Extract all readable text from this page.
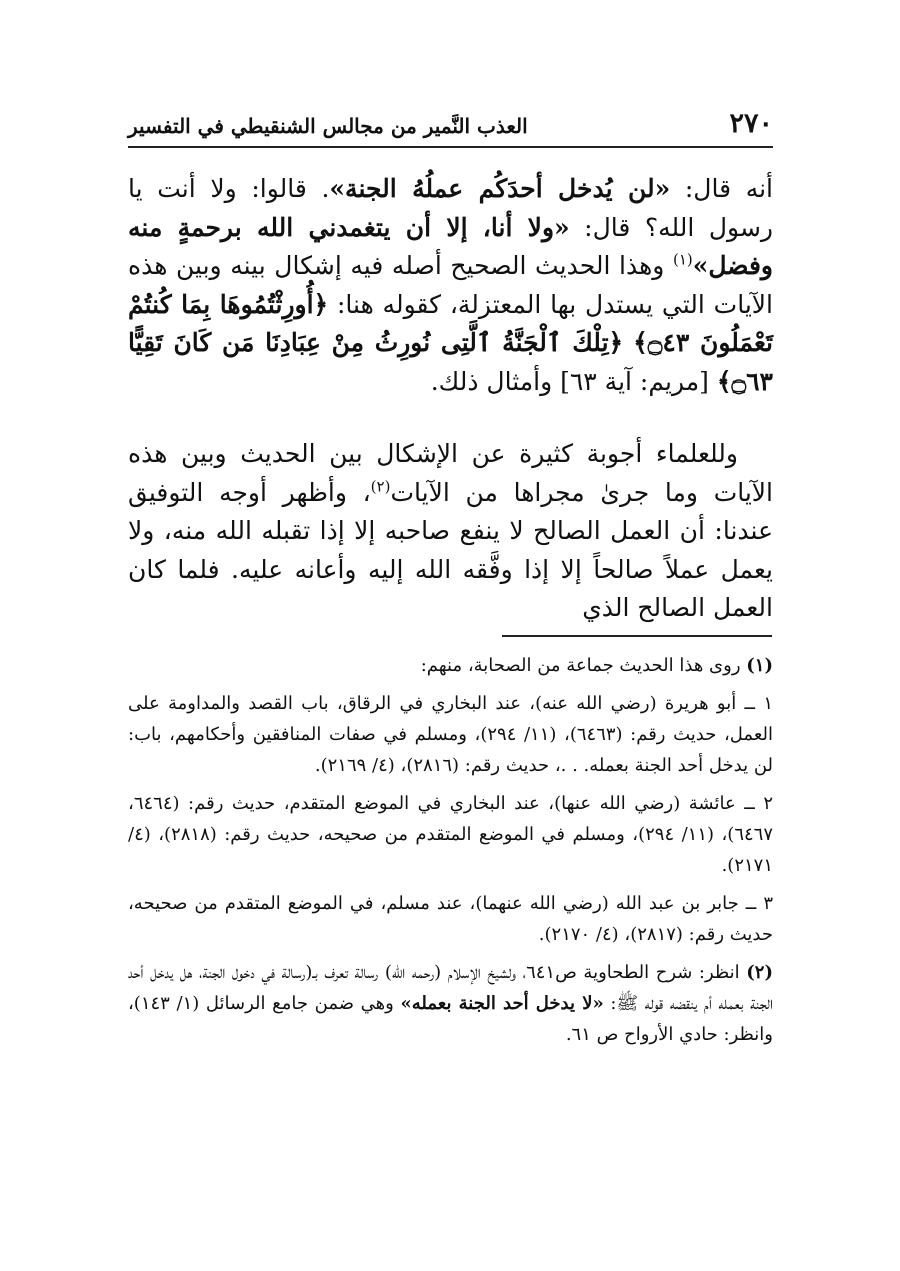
٢٧٠
العذب النَّمير من مجالس الشنقيطي في التفسير

أنه قال: «لن يُدخل أحدَكُم عملُهُ الجنة». قالوا: ولا أنت يا رسول الله؟ قال: «ولا أنا، إلا أن يتغمدني الله برحمةٍ منه وفضل»$^{(١)}$ وهذا الحديث الصحيح أصله فيه إشكال بينه وبين هذه الآيات التي يستدل بها المعتزلة، كقوله هنا: ﴿أُورِثْتُمُوهَا بِمَا كُنتُمْ تَعْمَلُونَ ۝٤٣﴾ ﴿تِلْكَ ٱلْجَنَّةُ ٱلَّتِى نُورِثُ مِنْ عِبَادِنَا مَن كَانَ تَقِيًّا ۝٦٣﴾ [مريم: آية ٦٣] وأمثال ذلك.

وللعلماء أجوبة كثيرة عن الإشكال بين الحديث وبين هذه الآيات وما جرىٰ مجراها من الآيات$^{(٢)}$، وأظهر أوجه التوفيق عندنا: أن العمل الصالح لا ينفع صاحبه إلا إذا تقبله الله منه، ولا يعمل عملاً صالحاً إلا إذا وفَّقه الله إليه وأعانه عليه. فلما كان العمل الصالح الذي

(١) روى هذا الحديث جماعة من الصحابة، منهم:

١ ــ أبو هريرة (رضي الله عنه)، عند البخاري في الرقاق، باب القصد والمداومة على العمل، حديث رقم: (٦٤٦٣)، (١١/ ٢٩٤)، ومسلم في صفات المنافقين وأحكامهم، باب: لن يدخل أحد الجنة بعمله. . .، حديث رقم: (٢٨١٦)، (٤/ ٢١٦٩).

٢ ــ عائشة (رضي الله عنها)، عند البخاري في الموضع المتقدم، حديث رقم: (٦٤٦٤، ٦٤٦٧)، (١١/ ٢٩٤)، ومسلم في الموضع المتقدم من صحيحه، حديث رقم: (٢٨١٨)، (٤/ ٢١٧١).

٣ ــ جابر بن عبد الله (رضي الله عنهما)، عند مسلم، في الموضع المتقدم من صحيحه، حديث رقم: (٢٨١٧)، (٤/ ٢١٧٠).

(٢) انظر: شرح الطحاوية ص٦٤١، ولشيخ الإسلام (رحمه الله) رسالة تعرف بـ(رسالة في دخول الجنة، هل يدخل أحد الجنة بعمله أم ينقضه قوله ﷺ: «لا يدخل أحد الجنة بعمله» وهي ضمن جامع الرسائل (١/ ١٤٣)، وانظر: حادي الأرواح ص ٦١.
